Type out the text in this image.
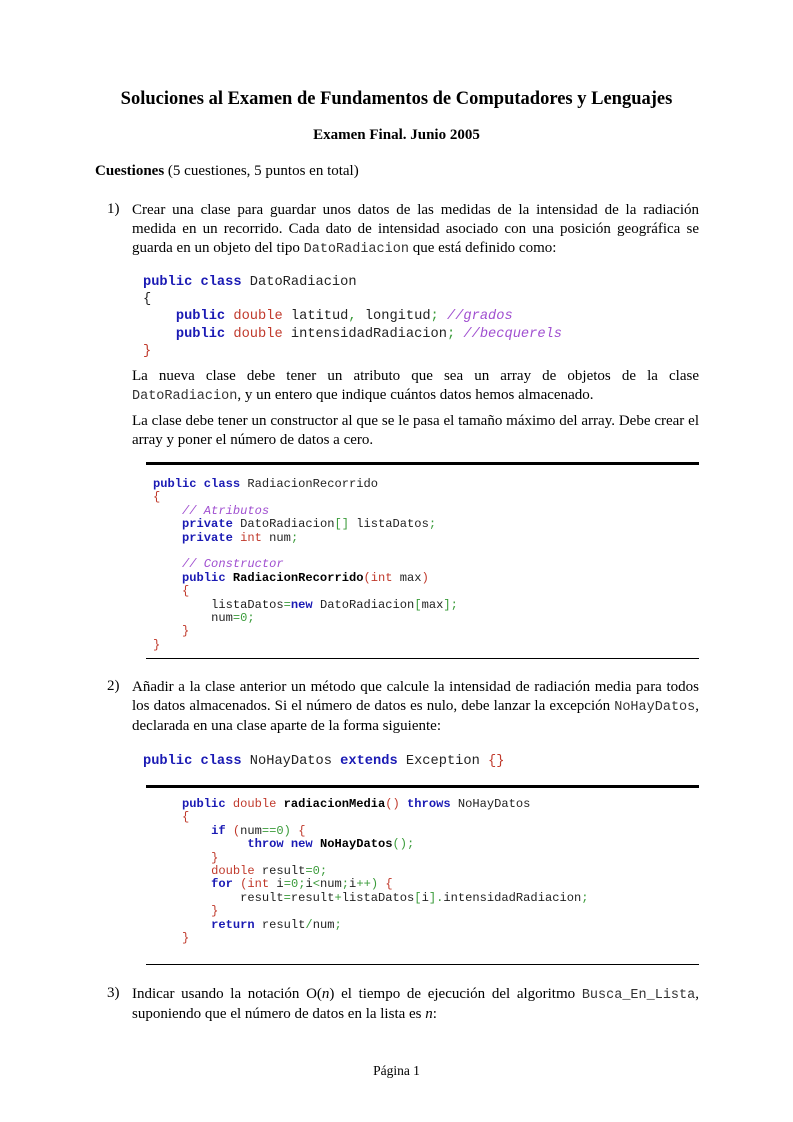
Soluciones al Examen de Fundamentos de Computadores y Lenguajes
Examen Final. Junio 2005
Cuestiones (5 cuestiones, 5 puntos en total)
1) Crear una clase para guardar unos datos de las medidas de la intensidad de la radiación medida en un recorrido. Cada dato de intensidad asociado con una posición geográfica se guarda en un objeto del tipo DatoRadiacion que está definido como:

public class DatoRadiacion
{
public double latitud, longitud; //grados
public double intensidadRadiacion; //becquerels
}

La nueva clase debe tener un atributo que sea un array de objetos de la clase DatoRadiacion, y un entero que indique cuántos datos hemos almacenado.

La clase debe tener un constructor al que se le pasa el tamaño máximo del array. Debe crear el array y poner el número de datos a cero.

public class RadiacionRecorrido
{
// Atributos
private DatoRadiacion[] listaDatos;
private int num;

// Constructor
public RadiacionRecorrido(int max)
{
listaDatos=new DatoRadiacion[max];
num=0;
}
}
2) Añadir a la clase anterior un método que calcule la intensidad de radiación media para todos los datos almacenados. Si el número de datos es nulo, debe lanzar la excepción NoHayDatos, declarada en una clase aparte de la forma siguiente:

public class NoHayDatos extends Exception {}
public double radiacionMedia() throws NoHayDatos
{
if (num==0) {
throw new NoHayDatos();
}
double result=0;
for (int i=0;i<num;i++) {
result=result+listaDatos[i].intensidadRadiacion;
}
return result/num;
}
3) Indicar usando la notación O(n) el tiempo de ejecución del algoritmo Busca_En_Lista, suponiendo que el número de datos en la lista es n:

Página 1
